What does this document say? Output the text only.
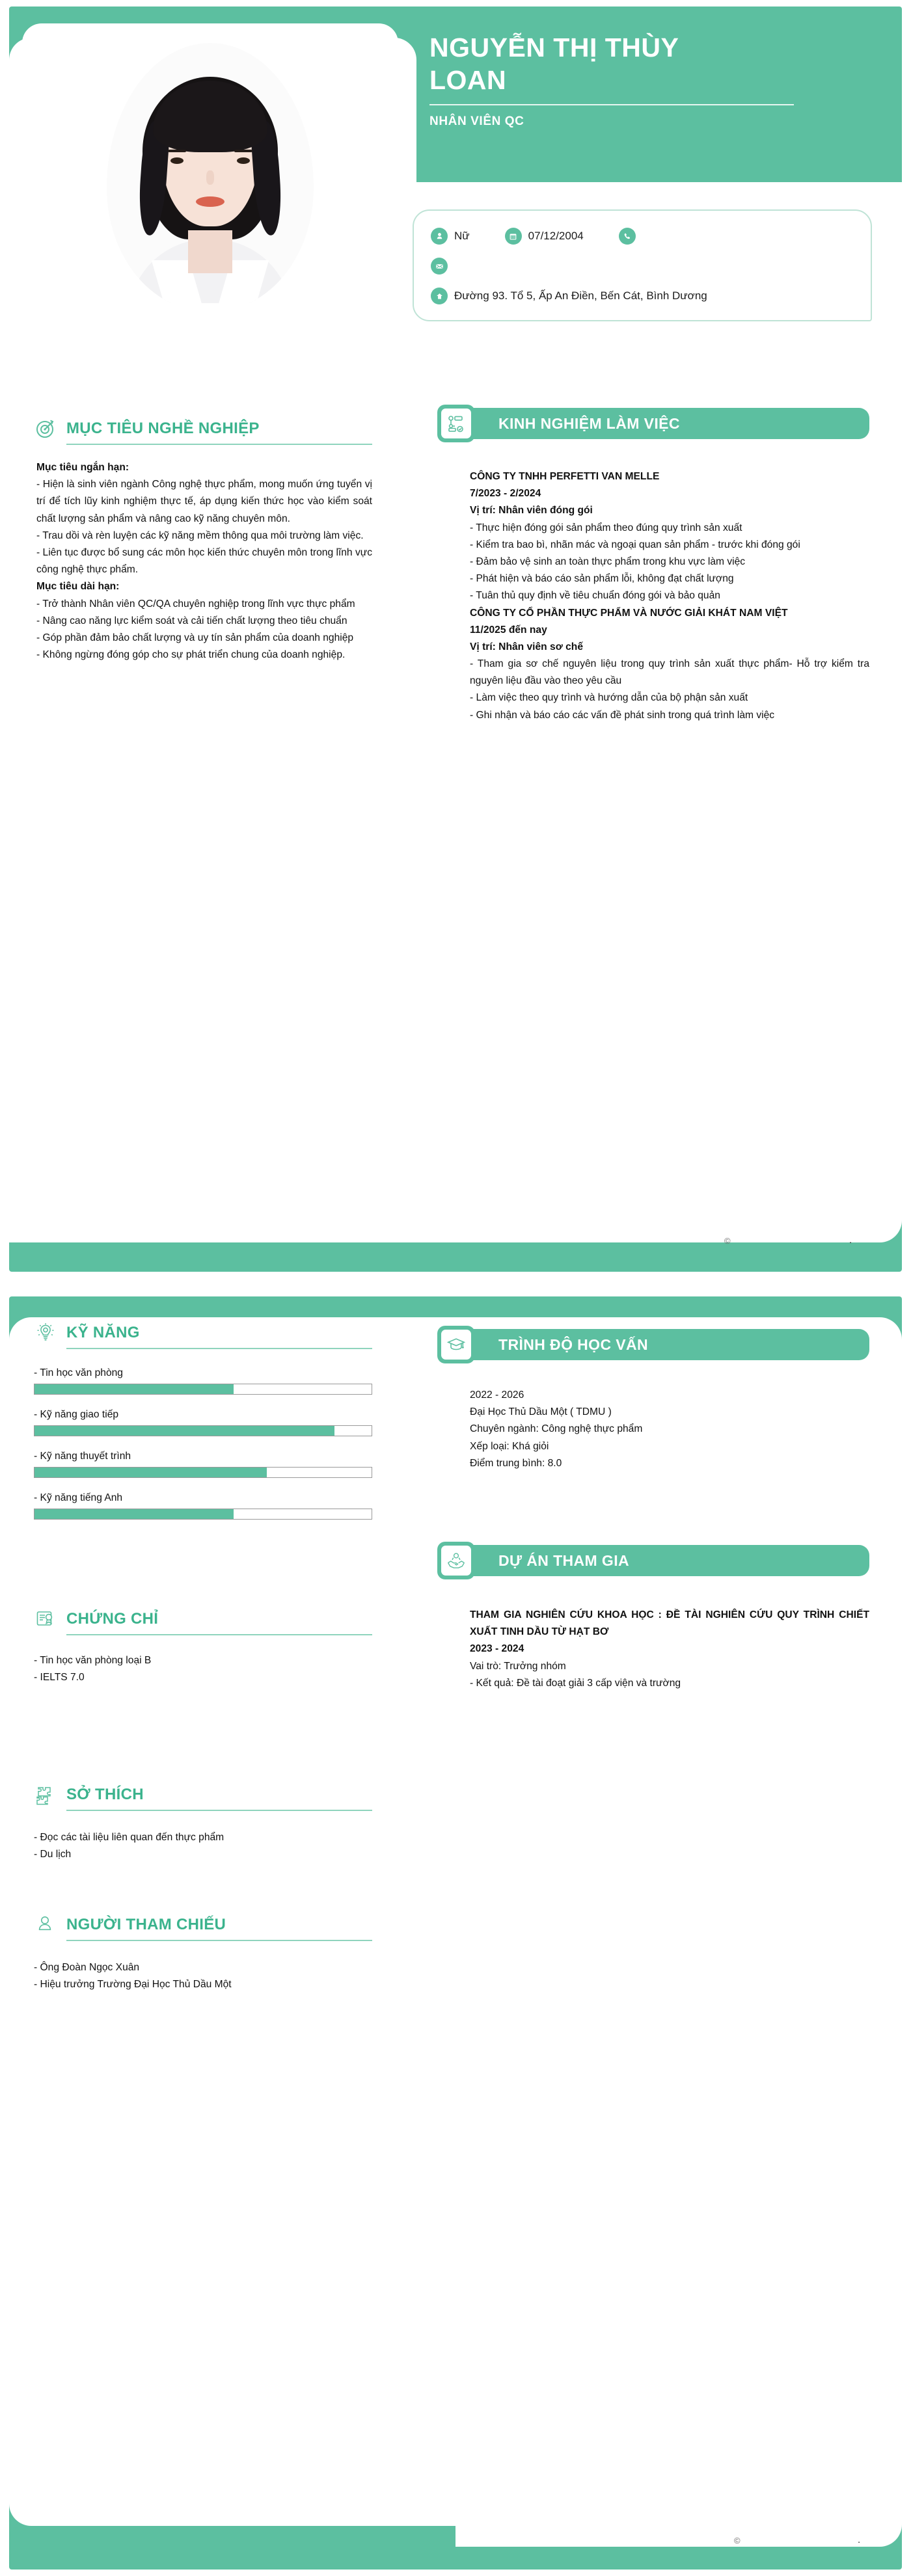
NGUYỄN THỊ THÙY
LOAN
NHÂN VIÊN QC
Nữ	07/12/2004
Đường 93. Tổ 5, Ấp An Điền, Bến Cát, Bình Dương
MỤC TIÊU NGHỀ NGHIỆP
Mục tiêu ngắn hạn:
- Hiện là sinh viên ngành Công nghệ thực phẩm, mong muốn ứng tuyển vị trí để tích lũy kinh nghiệm thực tế, áp dụng kiến thức học vào kiểm soát chất lượng sản phẩm và nâng cao kỹ năng chuyên môn.
- Trau dồi và rèn luyện các kỹ năng mềm thông qua môi trường làm việc.
- Liên tục được bổ sung các môn học kiến thức chuyên môn trong lĩnh vực công nghệ thực phẩm.
Mục tiêu dài hạn:
- Trở thành Nhân viên QC/QA chuyên nghiệp trong lĩnh vực thực phẩm
- Nâng cao năng lực kiểm soát và cải tiến chất lượng theo tiêu chuẩn
- Góp phần đảm bảo chất lượng và uy tín sản phẩm của doanh nghiệp
- Không ngừng đóng góp cho sự phát triển chung của doanh nghiệp.
KINH NGHIỆM LÀM VIỆC
CÔNG TY TNHH PERFETTI VAN MELLE
7/2023 - 2/2024
Vị trí: Nhân viên đóng gói
- Thực hiện đóng gói sản phẩm theo đúng quy trình sản xuất
- Kiểm tra bao bì, nhãn mác và ngoại quan sản phẩm - trước khi đóng gói
- Đảm bảo vệ sinh an toàn thực phẩm trong khu vực làm việc
- Phát hiện và báo cáo sản phẩm lỗi, không đạt chất lượng
- Tuân thủ quy định về tiêu chuẩn đóng gói và bảo quản
CÔNG TY CỔ PHẦN THỰC PHẨM VÀ NƯỚC GIẢI KHÁT NAM VIỆT
11/2025 đến nay
Vị trí: Nhân viên sơ chế
- Tham gia sơ chế nguyên liệu trong quy trình sản xuất thực phẩm- Hỗ trợ kiểm tra nguyên liệu đầu vào theo yêu cầu
- Làm việc theo quy trình và hướng dẫn của bộ phận sản xuất
- Ghi nhận và báo cáo các vấn đề phát sinh trong quá trình làm việc
©	.
KỸ NĂNG
- Tin học văn phòng
- Kỹ năng giao tiếp
- Kỹ năng thuyết trình
- Kỹ năng tiếng Anh
CHỨNG CHỈ
- Tin học văn phòng loại B
- IELTS 7.0
SỞ THÍCH
- Đọc các tài liệu liên quan đến thực phẩm
- Du lịch
NGƯỜI THAM CHIẾU
- Ông Đoàn Ngọc Xuân
- Hiệu trưởng Trường Đại Học Thủ Dầu Một
TRÌNH ĐỘ HỌC VẤN
2022 - 2026
Đại Học Thủ Dầu Một ( TDMU )
Chuyên ngành: Công nghệ thực phẩm
Xếp loại: Khá giỏi
Điểm trung bình: 8.0
DỰ ÁN THAM GIA
THAM GIA NGHIÊN CỨU KHOA HỌC : ĐỀ TÀI NGHIÊN CỨU QUY TRÌNH CHIẾT XUẤT TINH DẦU TỪ HẠT BƠ
2023 - 2024
Vai trò: Trưởng nhóm
- Kết quả: Đề tài đoạt giải 3 cấp viện và trường
©	.
